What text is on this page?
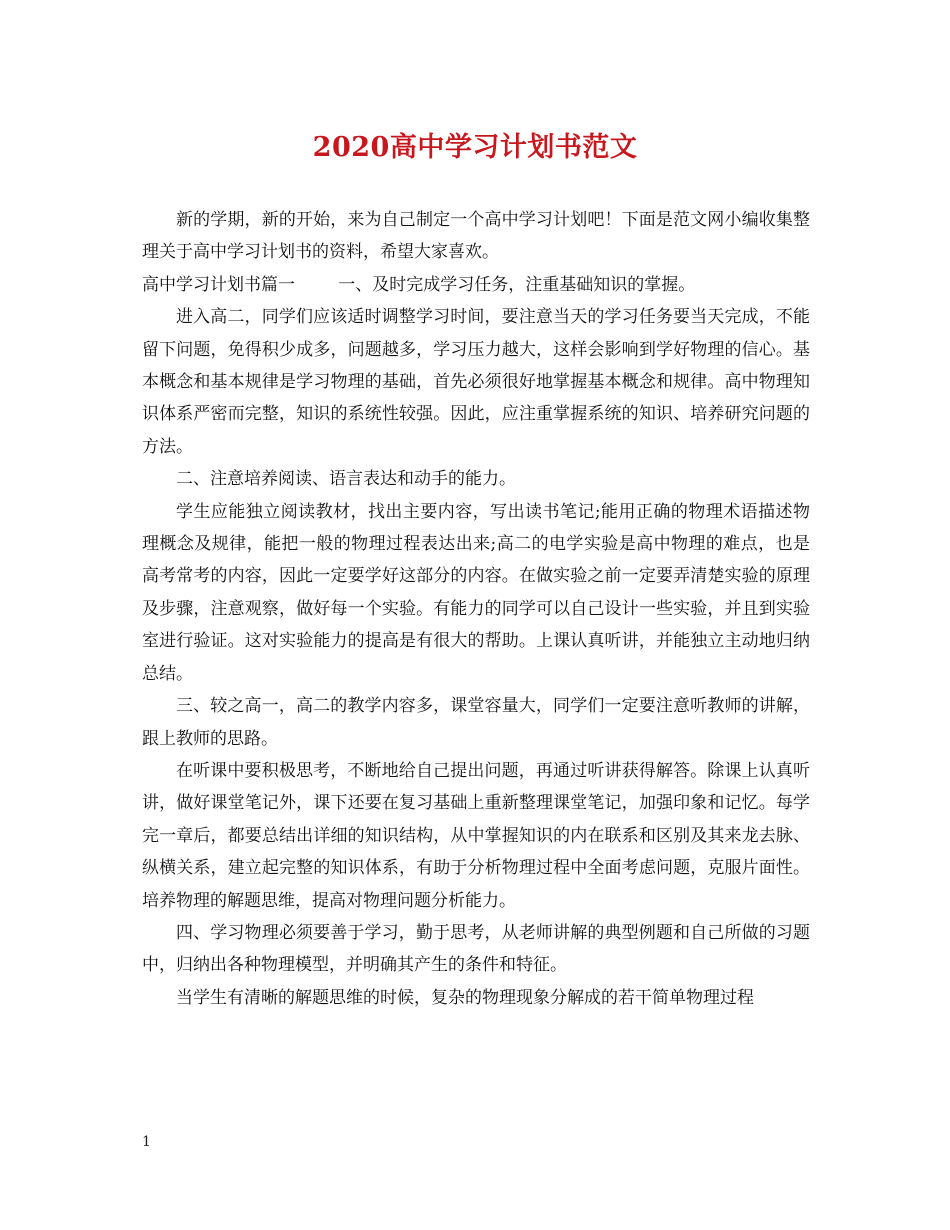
2020高中学习计划书范文

新的学期，新的开始，来为自己制定一个高中学习计划吧！下面是范文网小编收集整理关于高中学习计划书的资料，希望大家喜欢。

高中学习计划书篇一	一、及时完成学习任务，注重基础知识的掌握。

进入高二，同学们应该适时调整学习时间，要注意当天的学习任务要当天完成，不能留下问题，免得积少成多，问题越多，学习压力越大，这样会影响到学好物理的信心。基本概念和基本规律是学习物理的基础，首先必须很好地掌握基本概念和规律。高中物理知识体系严密而完整，知识的系统性较强。因此，应注重掌握系统的知识、培养研究问题的方法。

二、注意培养阅读、语言表达和动手的能力。

学生应能独立阅读教材，找出主要内容，写出读书笔记;能用正确的物理术语描述物理概念及规律，能把一般的物理过程表达出来;高二的电学实验是高中物理的难点，也是高考常考的内容，因此一定要学好这部分的内容。在做实验之前一定要弄清楚实验的原理及步骤，注意观察，做好每一个实验。有能力的同学可以自己设计一些实验，并且到实验室进行验证。这对实验能力的提高是有很大的帮助。上课认真听讲，并能独立主动地归纳总结。

三、较之高一，高二的教学内容多，课堂容量大，同学们一定要注意听教师的讲解，跟上教师的思路。

在听课中要积极思考，不断地给自己提出问题，再通过听讲获得解答。除课上认真听讲，做好课堂笔记外，课下还要在复习基础上重新整理课堂笔记，加强印象和记忆。每学完一章后，都要总结出详细的知识结构，从中掌握知识的内在联系和区别及其来龙去脉、纵横关系，建立起完整的知识体系，有助于分析物理过程中全面考虑问题，克服片面性。培养物理的解题思维，提高对物理问题分析能力。

四、学习物理必须要善于学习，勤于思考，从老师讲解的典型例题和自己所做的习题中，归纳出各种物理模型，并明确其产生的条件和特征。

当学生有清晰的解题思维的时候，复杂的物理现象分解成的若干简单物理过程

1
